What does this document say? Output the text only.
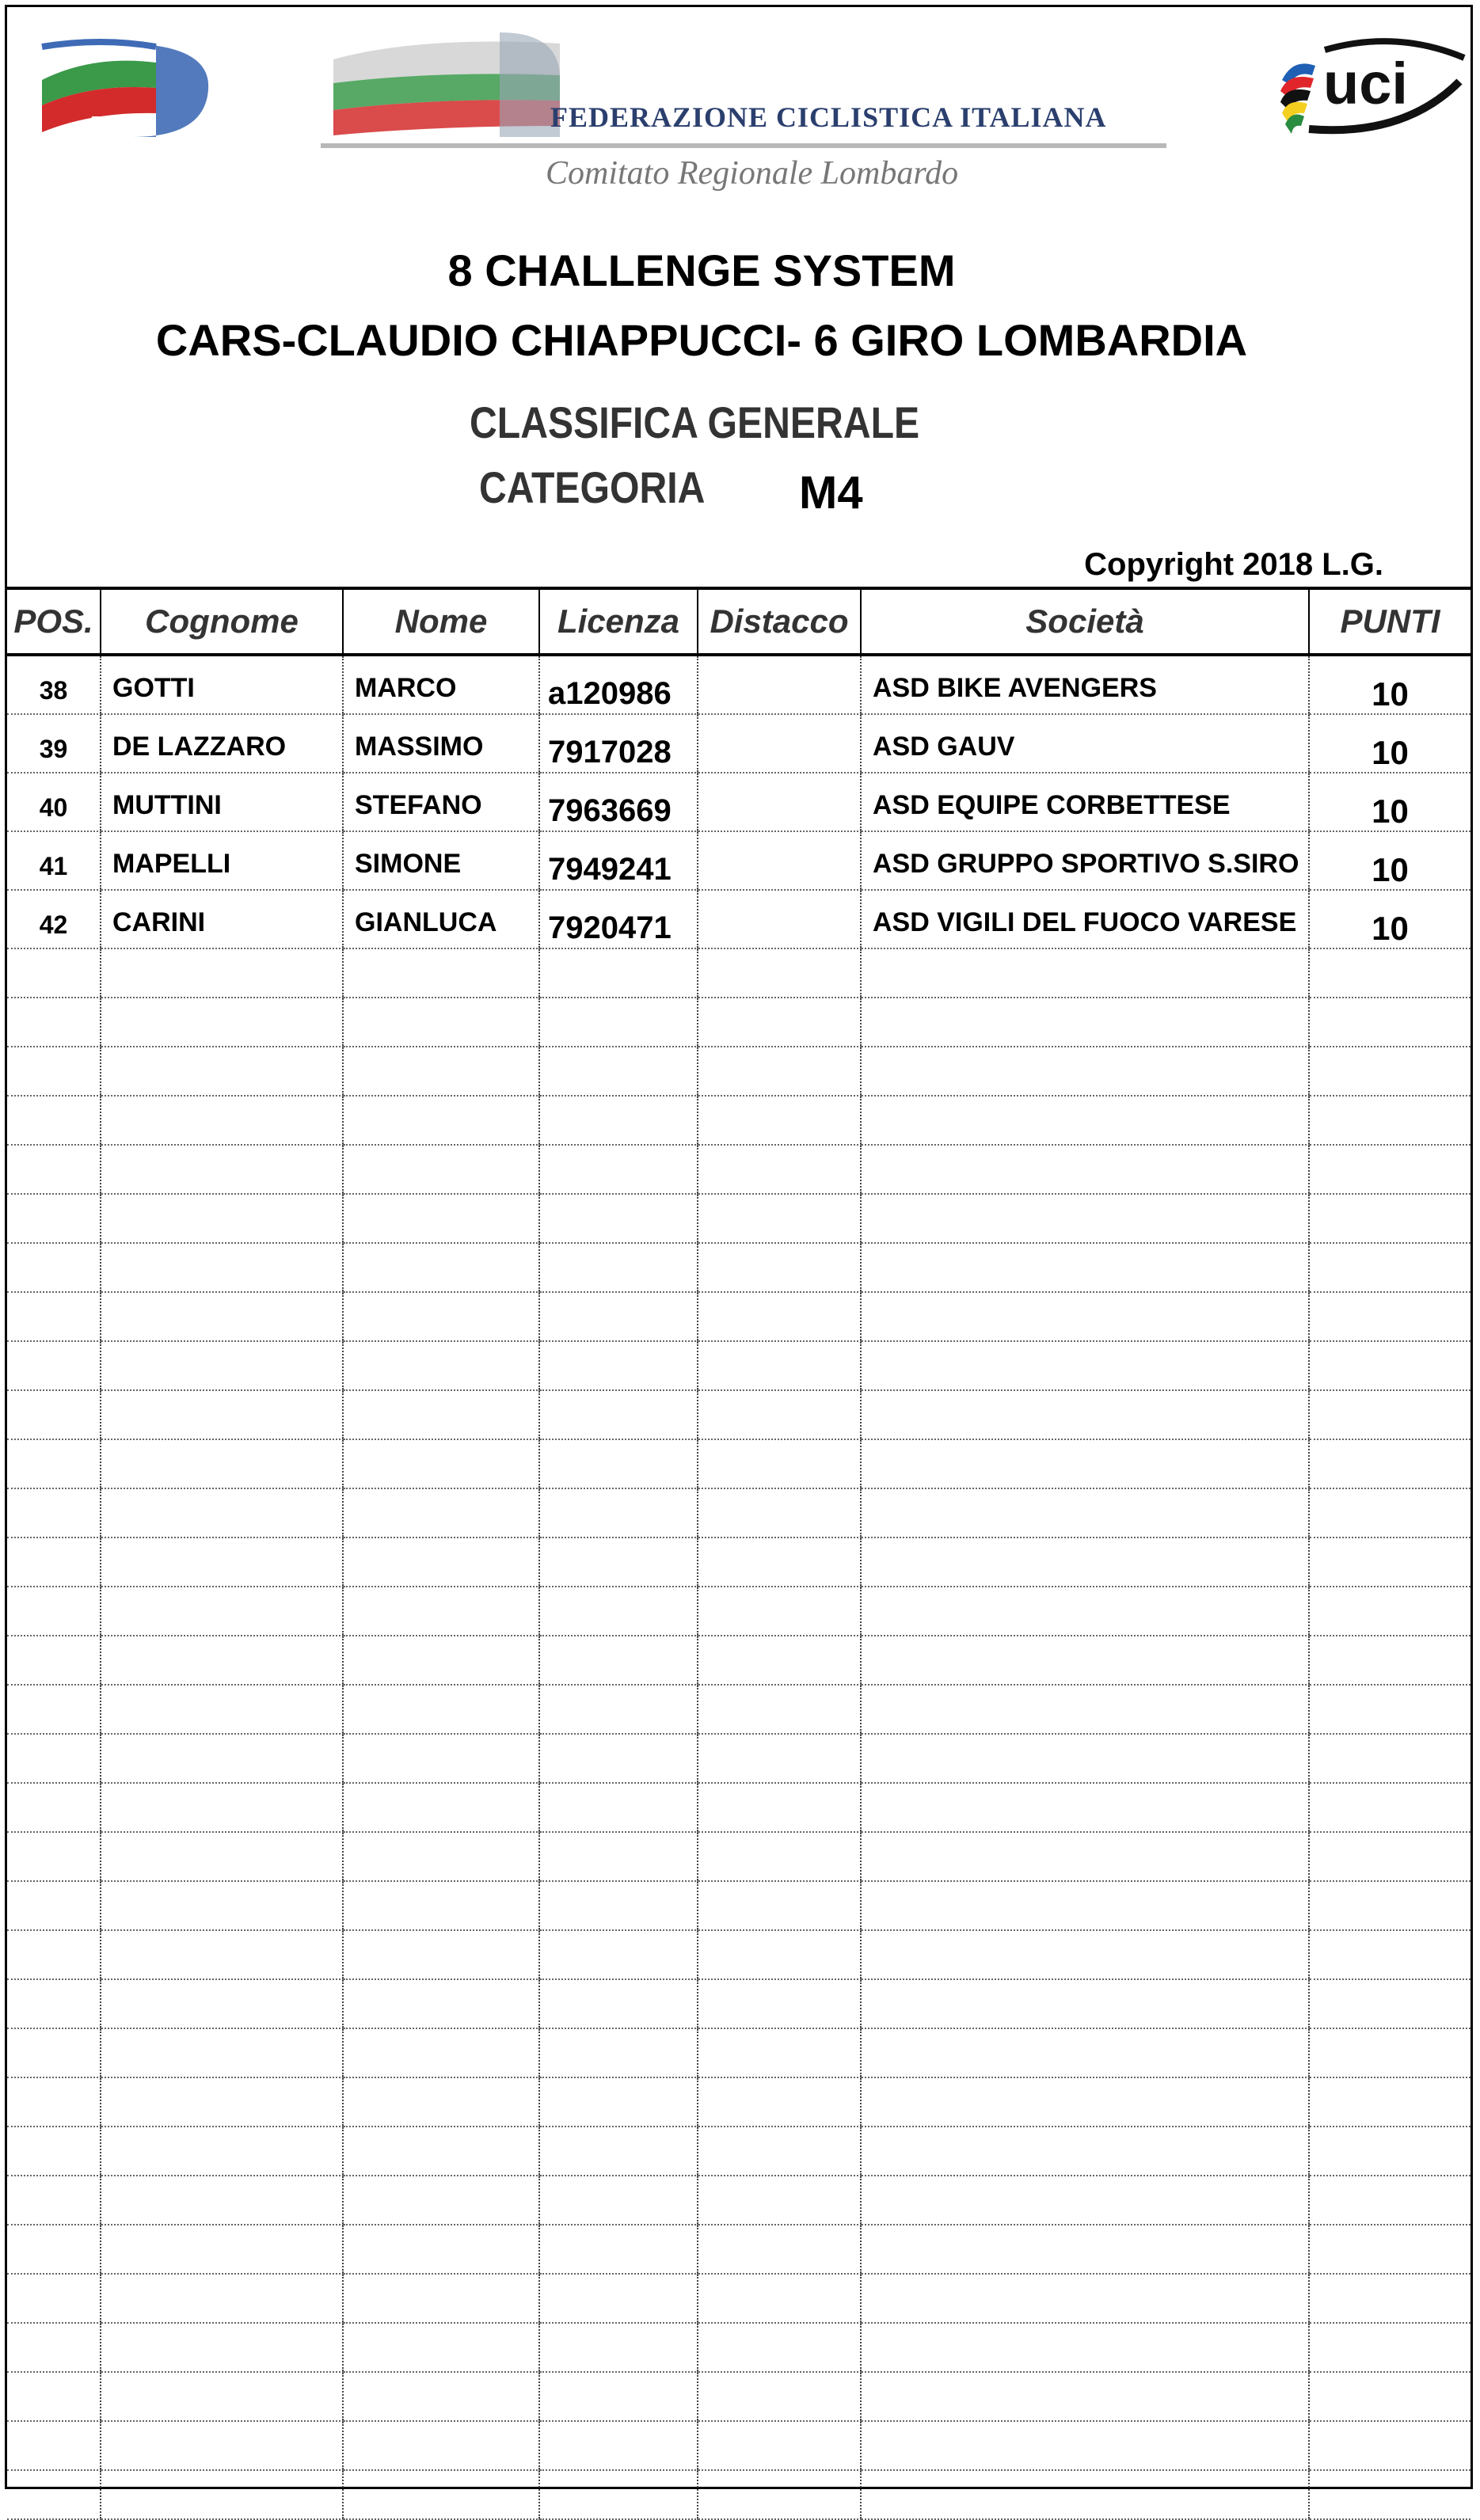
FCI	FEDERAZIONE CICLISTICA ITALIANA
Comitato Regionale Lombardo
uci
8 CHALLENGE SYSTEM
CARS-CLAUDIO CHIAPPUCCI- 6 GIRO LOMBARDIA
CLASSIFICA GENERALE
CATEGORIA M4
Copyright 2018 L.G.
POS.	Cognome	Nome	Licenza	Distacco	Società	PUNTI
38	GOTTI	MARCO	a120986		ASD BIKE AVENGERS	10
39	DE LAZZARO	MASSIMO	7917028		ASD GAUV	10
40	MUTTINI	STEFANO	7963669		ASD EQUIPE CORBETTESE	10
41	MAPELLI	SIMONE	7949241		ASD GRUPPO SPORTIVO S.SIRO	10
42	CARINI	GIANLUCA	7920471		ASD VIGILI DEL FUOCO VARESE	10
